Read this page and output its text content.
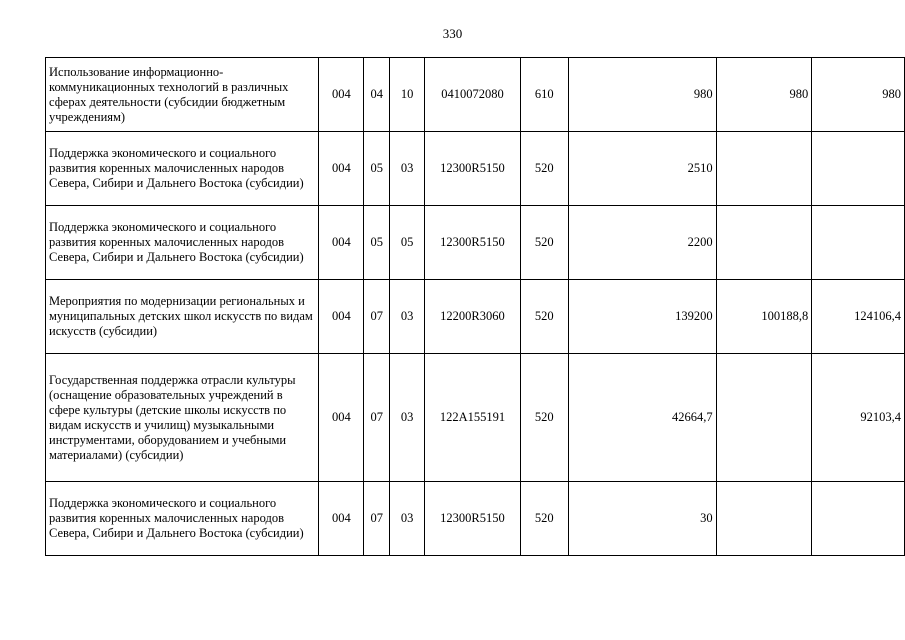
330
Использование информационно-коммуникационных технологий в различных сферах деятельности (субсидии бюджетным учреждениям)	004	04	10	0410072080	610	980	980	980
Поддержка экономического и социального развития коренных малочисленных народов Севера, Сибири и Дальнего Востока (субсидии)	004	05	03	12300R5150	520	2510		
Поддержка экономического и социального развития коренных малочисленных народов Севера, Сибири и Дальнего Востока (субсидии)	004	05	05	12300R5150	520	2200		
Мероприятия по модернизации региональных и муниципальных детских школ искусств по видам искусств (субсидии)	004	07	03	12200R3060	520	139200	100188,8	124106,4
Государственная поддержка отрасли культуры (оснащение образовательных учреждений в сфере культуры (детские школы искусств по видам искусств и училищ) музыкальными инструментами, оборудованием и учебными материалами) (субсидии)	004	07	03	122А155191	520	42664,7		92103,4
Поддержка экономического и социального развития коренных малочисленных народов Севера, Сибири и Дальнего Востока (субсидии)	004	07	03	12300R5150	520	30		
